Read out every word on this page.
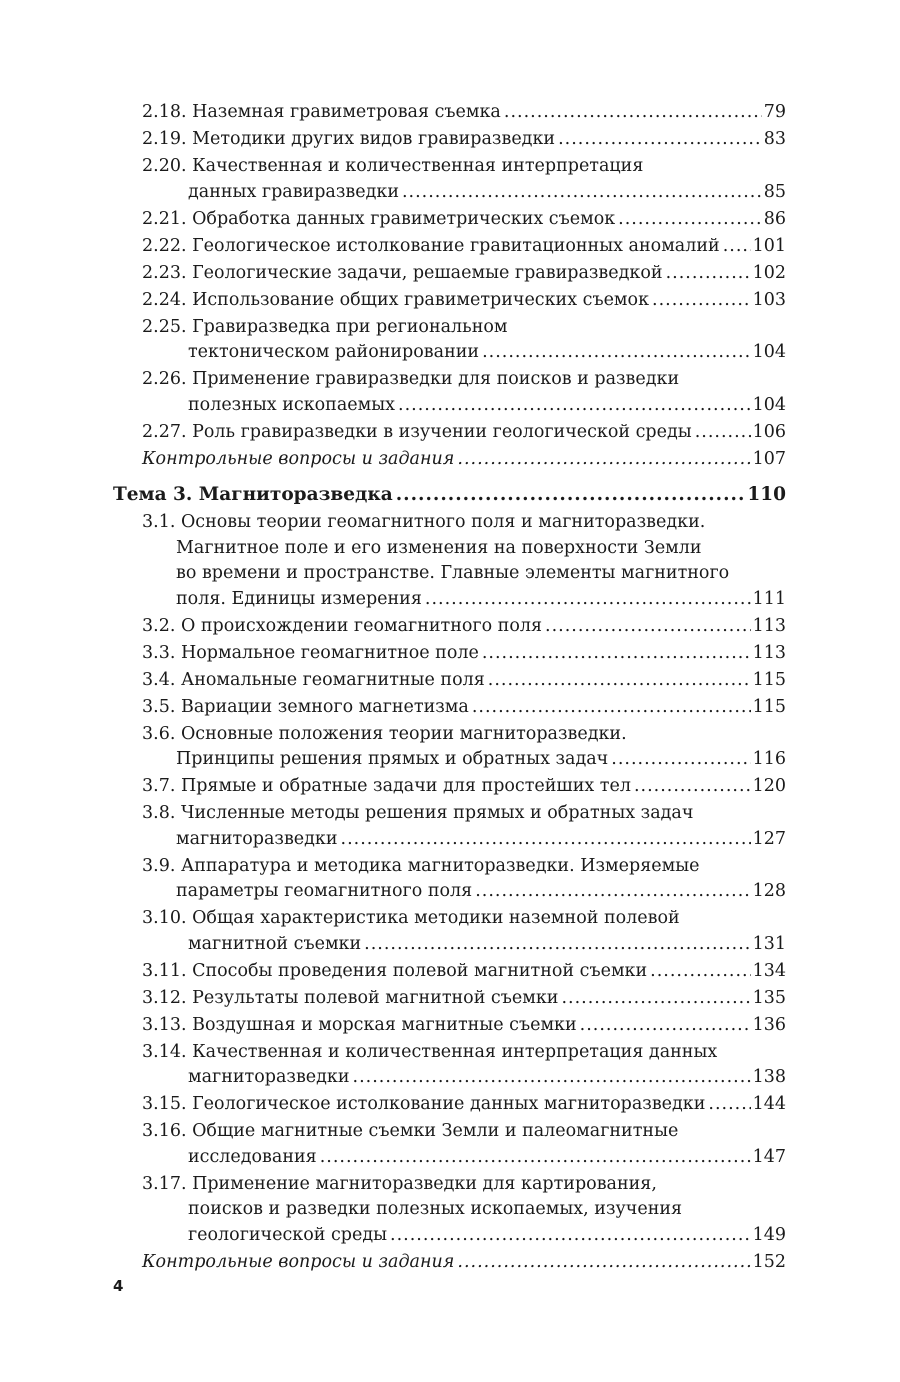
2.18. Наземная гравиметровая съемка .....	79
2.19. Методики других видов гравиразведки .....	83
2.20. Качественная и количественная интерпретация
данных гравиразведки .....	85
2.21. Обработка данных гравиметрических съемок .....	86
2.22. Геологическое истолкование гравитационных аномалий ..... 101
2.23. Геологические задачи, решаемые гравиразведкой .....	102
2.24. Использование общих гравиметрических съемок .....	103
2.25. Гравиразведка при региональном
тектоническом районировании .....	104
2.26. Применение гравиразведки для поисков и разведки
полезных ископаемых .....	104
2.27. Роль гравиразведки в изучении геологической среды .....	106
Контрольные вопросы и задания .....	107
Тема 3. Магниторазведка .....	110
3.1. Основы теории геомагнитного поля и магниторазведки.
Магнитное поле и его изменения на поверхности Земли
во времени и пространстве. Главные элементы магнитного
поля. Единицы измерения .....	111
3.2. О происхождении геомагнитного поля .....	113
3.3. Нормальное геомагнитное поле .....	113
3.4. Аномальные геомагнитные поля .....	115
3.5. Вариации земного магнетизма .....	115
3.6. Основные положения теории магниторазведки.
Принципы решения прямых и обратных задач .....	116
3.7. Прямые и обратные задачи для простейших тел .....	120
3.8. Численные методы решения прямых и обратных задач
магниторазведки .....	127
3.9. Аппаратура и методика магниторазведки. Измеряемые
параметры геомагнитного поля .....	128
3.10. Общая характеристика методики наземной полевой
магнитной съемки .....	131
3.11. Способы проведения полевой магнитной съемки .....	134
3.12. Результаты полевой магнитной съемки .....	135
3.13. Воздушная и морская магнитные съемки .....	136
3.14. Качественная и количественная интерпретация данных
магниторазведки .....	138
3.15. Геологическое истолкование данных магниторазведки .....	144
3.16. Общие магнитные съемки Земли и палеомагнитные
исследования .....	147
3.17. Применение магниторазведки для картирования,
поисков и разведки полезных ископаемых, изучения
геологической среды .....	149
Контрольные вопросы и задания .....	152
4
